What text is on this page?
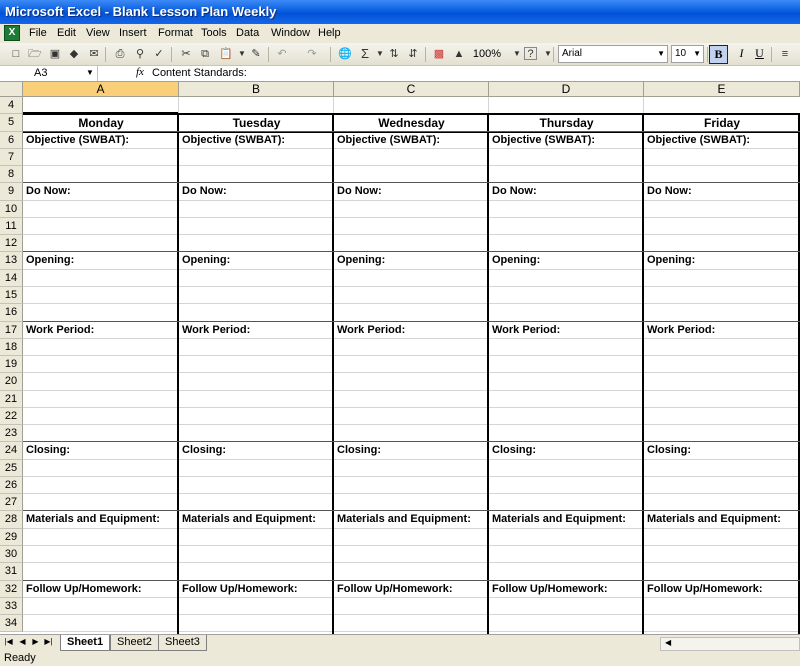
Microsoft Excel - Blank Lesson Plan Weekly
X	File Edit View Insert Format Tools Data Window Help
□ 🗁 ▣ ◆	✉	⎙	⚲ ✓	✂ ⧉ 📋 ▼ ✎	↶	↷	🌐 Σ ▼ ⇅ ⇵	▩ ▲ 100%	▼ ?	▼	Arial	▼	10 ▼	B	I U	≡
A3	▼	fx Content Standards:
A	B	C	D	E
4
5
6
7
8
9
10
11
12
13
14
15
16
17
18
19
20
21
22
23
24
25
26
27
28
29
30
31
32
33
34
Monday	Tuesday	Wednesday	Thursday	Friday
Objective (SWBAT):	Objective (SWBAT):	Objective (SWBAT):	Objective (SWBAT):	Objective (SWBAT):
Do Now:	Do Now:	Do Now:	Do Now:	Do Now:
Opening:	Opening:	Opening:	Opening:	Opening:
Work Period:	Work Period:	Work Period:	Work Period:	Work Period:
Closing:	Closing:	Closing:	Closing:	Closing:
Materials and Equipment: Materials and Equipment: Materials and Equipment: Materials and Equipment: Materials and Equipment:
Follow Up/Homework:	Follow Up/Homework:	Follow Up/Homework:	Follow Up/Homework:	Follow Up/Homework:
|◀ ◀ ▶ ▶|	Sheet1	Sheet2	Sheet3	◀
Ready
